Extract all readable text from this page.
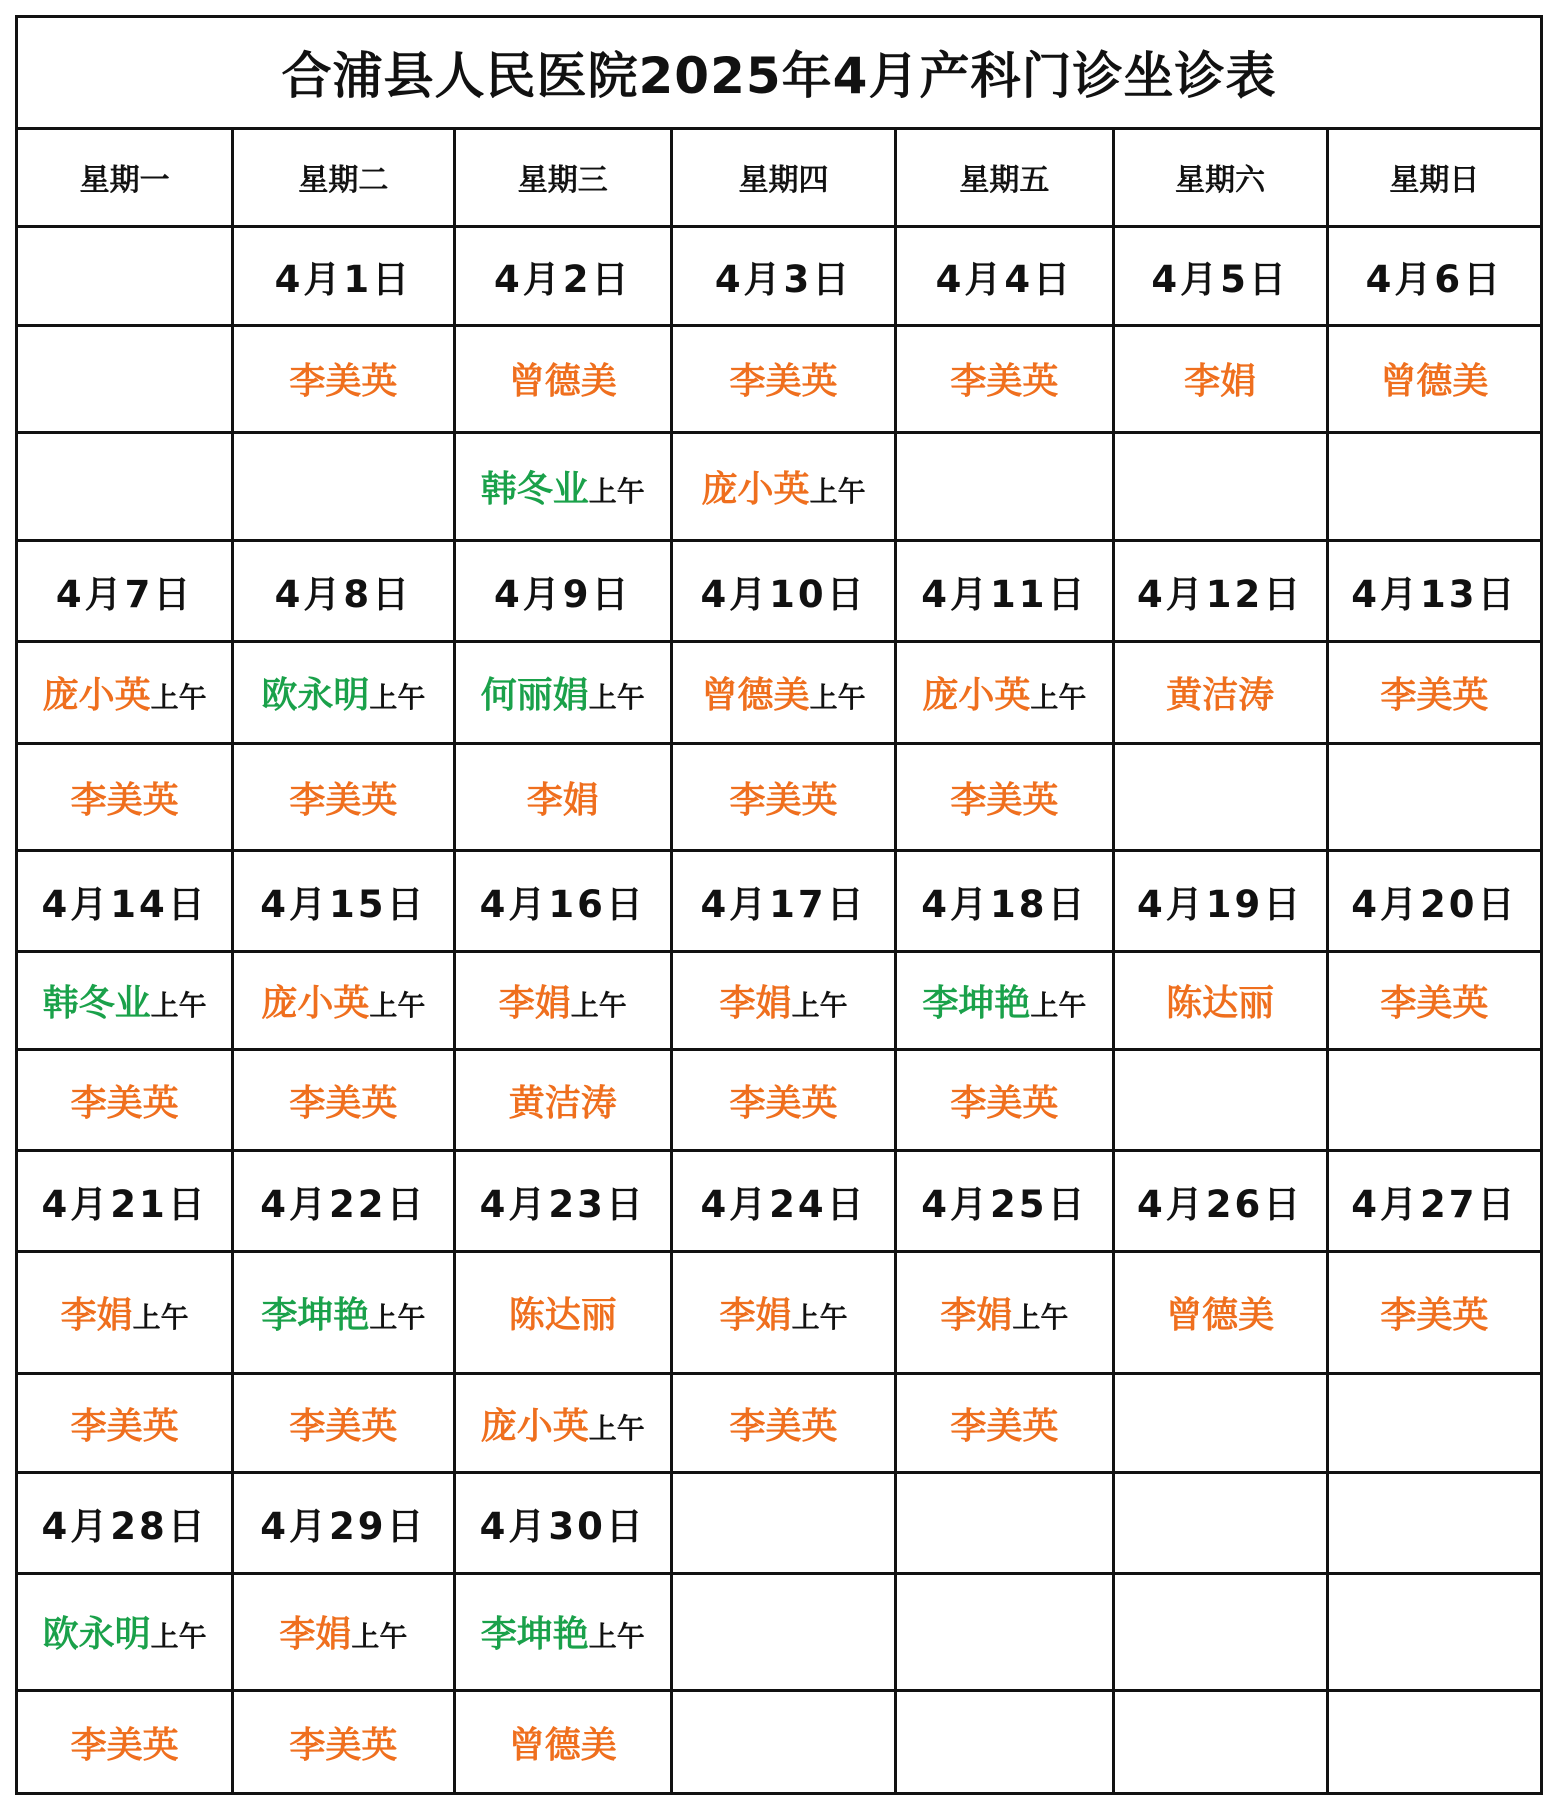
合浦县人民医院2025年4月产科门诊坐诊表						
星期一	星期二	星期三	星期四	星期五	星期六	星期日
	4月1日	4月2日	4月3日	4月4日	4月5日	4月6日
	李美英	曾德美	李美英	李美英	李娟	曾德美
		韩冬业上午	庞小英上午			
4月7日	4月8日	4月9日	4月10日	4月11日	4月12日	4月13日
庞小英上午	欧永明上午	何丽娟上午	曾德美上午	庞小英上午	黄洁涛	李美英
李美英	李美英	李娟	李美英	李美英		
4月14日	4月15日	4月16日	4月17日	4月18日	4月19日	4月20日
韩冬业上午	庞小英上午	李娟上午	李娟上午	李坤艳上午	陈达丽	李美英
李美英	李美英	黄洁涛	李美英	李美英		
4月21日	4月22日	4月23日	4月24日	4月25日	4月26日	4月27日
李娟上午	李坤艳上午	陈达丽	李娟上午	李娟上午	曾德美	李美英
李美英	李美英	庞小英上午	李美英	李美英		
4月28日	4月29日	4月30日				
欧永明上午	李娟上午	李坤艳上午				
李美英	李美英	曾德美				
